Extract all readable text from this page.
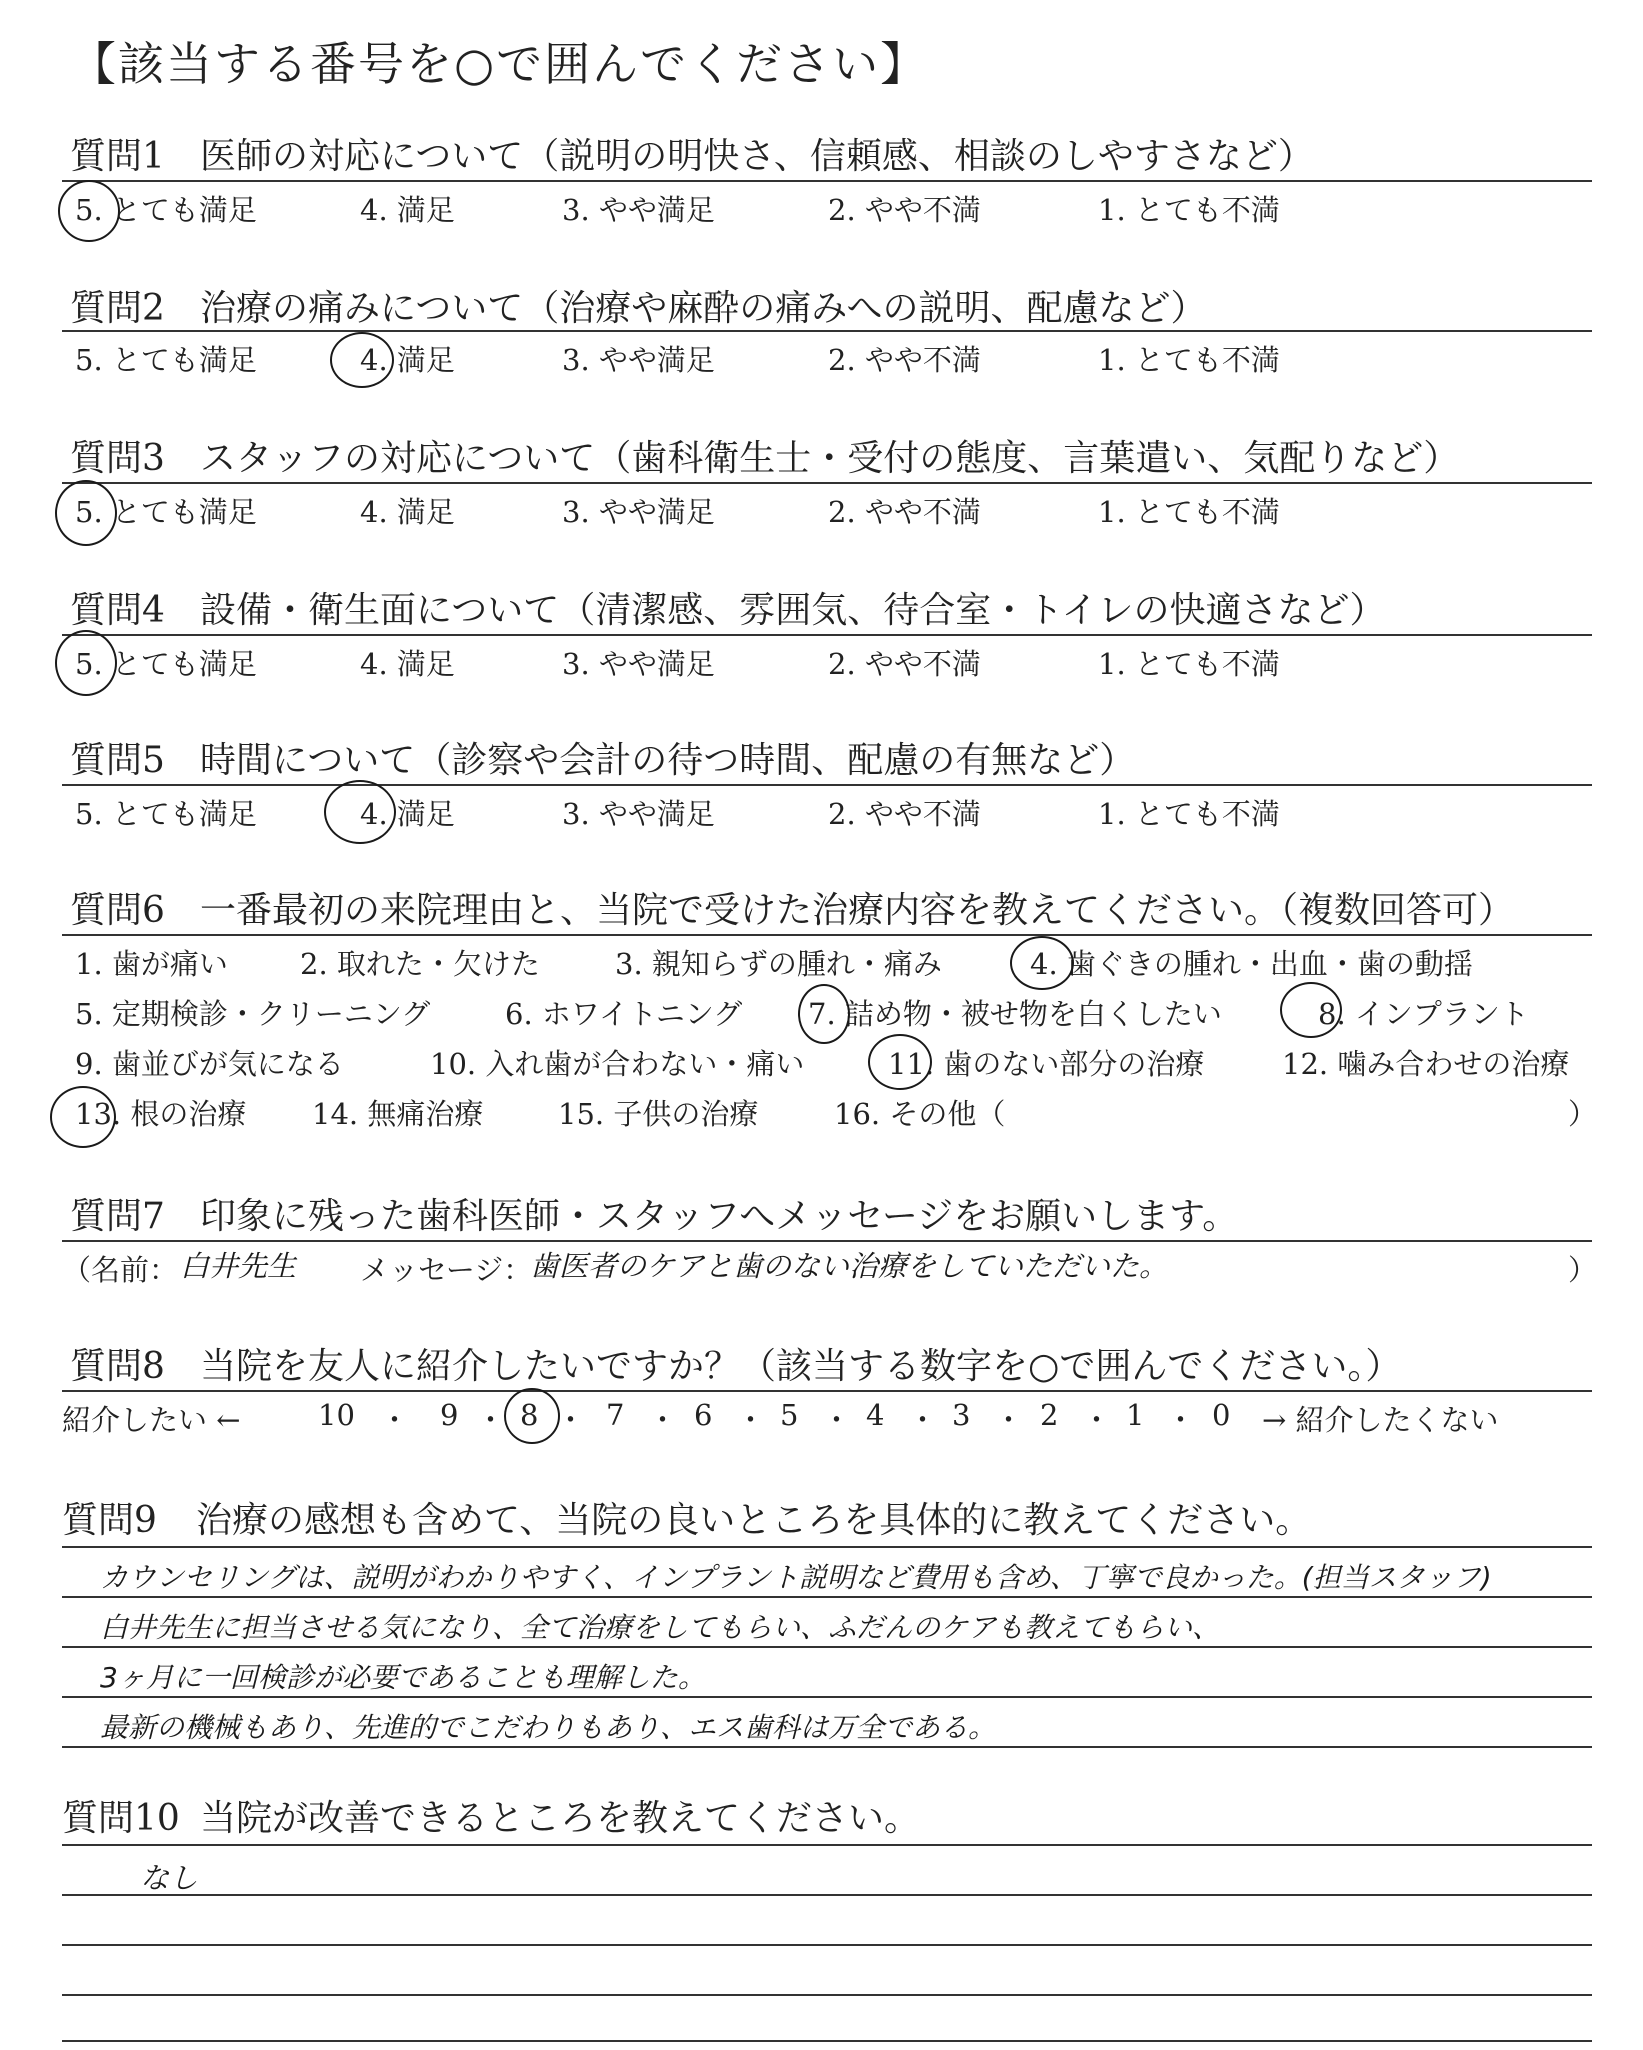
【該当する番号を○で囲んでください】
質問1 医師の対応について（説明の明快さ、信頼感、相談のしやすさなど）
5. とても満足	4. 満足	3. やや満足	2. やや不満	1. とても不満
質問2 治療の痛みについて（治療や麻酔の痛みへの説明、配慮など）
5. とても満足	4. 満足	3. やや満足	2. やや不満	1. とても不満
質問3 スタッフの対応について（歯科衛生士・受付の態度、言葉遣い、気配りなど）
5. とても満足	4. 満足	3. やや満足	2. やや不満	1. とても不満
質問4 設備・衛生面について（清潔感、雰囲気、待合室・トイレの快適さなど）
5. とても満足	4. 満足	3. やや満足	2. やや不満	1. とても不満
質問5 時間について（診察や会計の待つ時間、配慮の有無など）
5. とても満足	4. 満足	3. やや満足	2. やや不満	1. とても不満
質問6 一番最初の来院理由と、当院で受けた治療内容を教えてください。（複数回答可）
1. 歯が痛い 2. 取れた・欠けた	3. 親知らずの腫れ・痛み	4. 歯ぐきの腫れ・出血・歯の動揺
5. 定期検診・クリーニング	6. ホワイトニング 7. 詰め物・被せ物を白くしたい	8. インプラント
9. 歯並びが気になる	10. 入れ歯が合わない・痛い	11. 歯のない部分の治療	12. 噛み合わせの治療
13. 根の治療 14. 無痛治療	15. 子供の治療	16. その他（	）
質問7 印象に残った歯科医師・スタッフへメッセージをお願いします。
（名前： 白井先生 メッセージ：
歯医者のケアと歯のない治療をしていただいた。	）
質問8 当院を友人に紹介したいですか？（該当する数字を○で囲んでください。）
紹介したい ←	10 ・ 9 ・ 8 ・ 7 ・ 6 ・ 5 ・ 4 ・ 3 ・ 2 ・ 1 ・ 0 → 紹介したくない
質問9 治療の感想も含めて、当院の良いところを具体的に教えてください。
カウンセリングは、説明がわかりやすく、インプラント説明など費用も含め、丁寧で良かった。(担当スタッフ)
白井先生に担当させる気になり、全て治療をしてもらい、ふだんのケアも教えてもらい、
3ヶ月に一回検診が必要であることも理解した。
最新の機械もあり、先進的でこだわりもあり、エス歯科は万全である。
質問10 当院が改善できるところを教えてください。
なし
